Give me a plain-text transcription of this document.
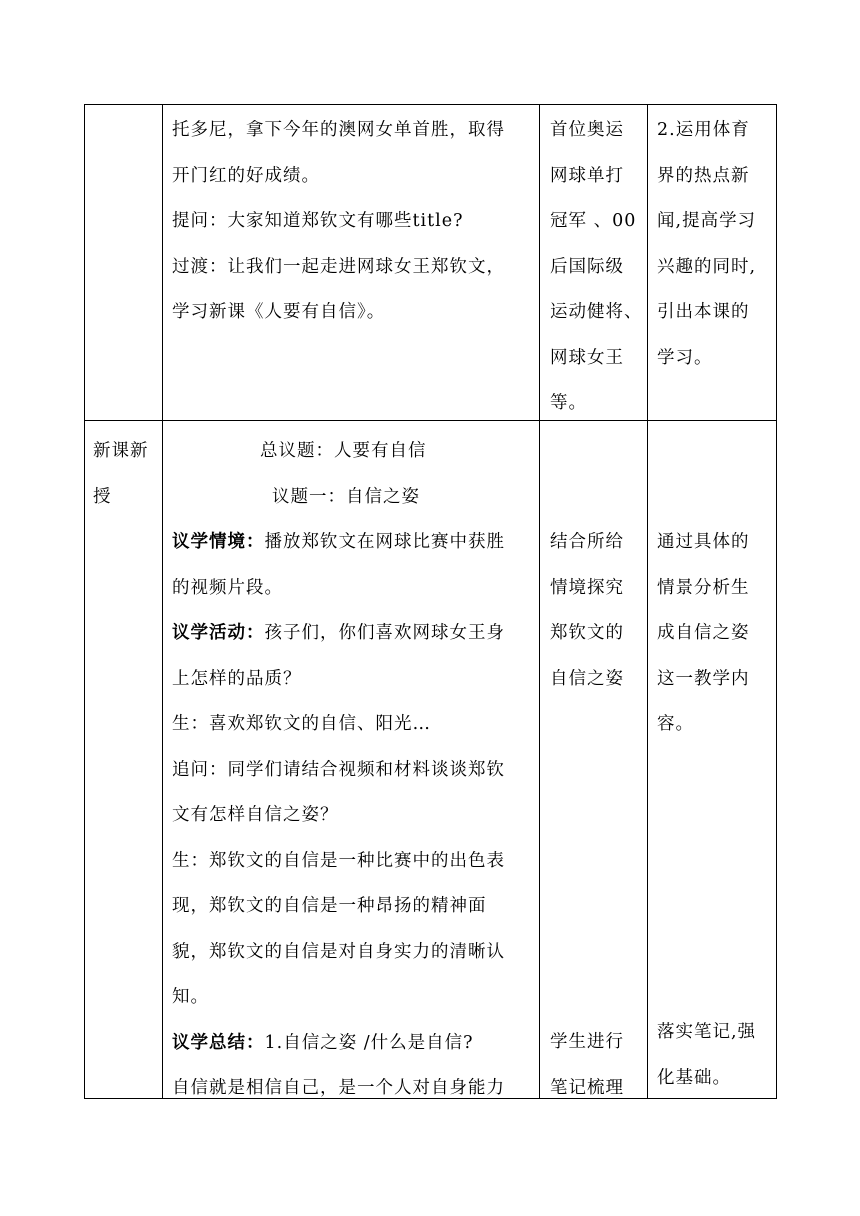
托多尼，拿下今年的澳网女单首胜，取得

开门红的好成绩。

提问：大家知道郑钦文有哪些title?

过渡：让我们一起走进网球女王郑钦文，

学习新课《人要有自信》。

首位奥运

网球单打

冠军 、00

后国际级

运动健将、

网球女王

等。

2.运用体育

界的热点新

闻,提高学习

兴趣的同时,

引出本课的

学习。

新课新

授

总议题：人要有自信

议题一：自信之姿

议学情境：播放郑钦文在网球比赛中获胜

的视频片段。

议学活动：孩子们，你们喜欢网球女王身

上怎样的品质？

生：喜欢郑钦文的自信、阳光…

追问：同学们请结合视频和材料谈谈郑钦

文有怎样自信之姿？

生：郑钦文的自信是一种比赛中的出色表

现，郑钦文的自信是一种昂扬的精神面

貌，郑钦文的自信是对自身实力的清晰认

知。

议学总结：1.自信之姿 /什么是自信?

自信就是相信自己，是一个人对自身能力

结合所给

情境探究

郑钦文的

自信之姿

学生进行

笔记梳理

通过具体的

情景分析生

成自信之姿

这一教学内

容。

落实笔记,强

化基础。
